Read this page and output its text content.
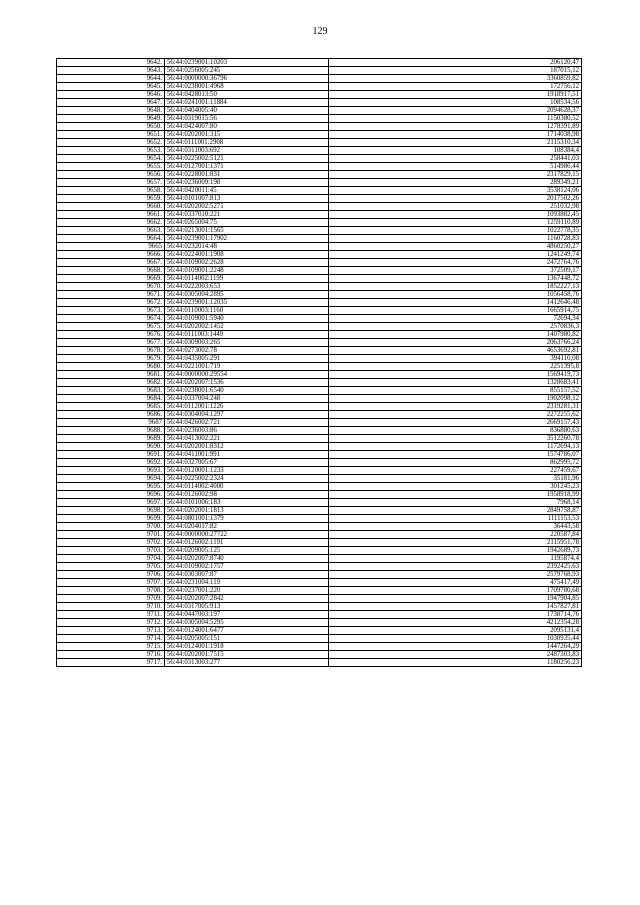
129
9642.	56:44:0239001:10203	206120,47
9643.	56:44:0256005:245	187015,12
9644.	56:44:0000000:36796	3360859,82
9645.	56:44:0238001:4968	172756,12
9646.	56:44:0428013:50	1918917,51
9647.	56:44:0241001:11884	108534,56
9648.	56:44:0404005:40	2094628,37
9649.	56:44:0319015:56	1150380,52
9650.	56:44:0424007:80	1278391,89
9651.	56:44:0202001:315	1714038,98
9652.	56:44:0111001:2908	2115310,34
9653.	56:44:0311003:692	108384,4
9654.	56:44:0225002:5121	258441,03
9655.	56:44:0127001:1371	514986,44
9656.	56:44:0228001:831	2317829,15
9657.	56:44:0236009:198	289349,21
9658.	56:44:0420011:45	3538124,06
9659.	56:44:0101007:813	2017502,26
9660.	56:44:0202002:5271	251032,98
9661.	56:44:0337010:221	1093882,45
9662.	56:44:0265004:75	1259110,89
9663.	56:44:0213001:1565	1022778,35
9664.	56:44:0239001:17902	1160728,83
9665	56:44:0232014:48	4860250,27
9666.	56:44:0224001:1908	1241249,74
9667.	56:44:0109002:2628	2472764,76
9668.	56:44:0109001:2248	372509,17
9669.	56:44:0114002:1199	1367448,72
9670.	56:44:0222003:653	1852227,13
9671.	56:44:0305004:2895	1056458,76
9672.	56:44:0239001:12035	1412646,48
9673.	56:44:0110003:1160	1665914,75
9674.	56:44:0109001:5940	72694,34
9675.	56:44:0202002:1452	2570836,3
9676.	56:44:0111003:1449	1407980,82
9677.	56:44:0309003:265	2063766,24
9678.	56:44:0273002:78	4653692,81
9679.	56:44:0435005:291	394110,08
9680.	56:44:0221001:719	2251395,8
9681.	56:44:0000000:29554	1569419,73
9682.	56:44:0202007:1536	1328683,41
9683.	56:44:0238001:6540	855157,52
9684.	56:44:0337004:248	1902098,12
9685.	56:44:0112001:1226	2319281,31
9686.	56:44:0304004:1297	2272255,62
9687	56:44:0426002:721	2669157,43
9688.	56:44:0236003:86	836880,63
9689.	56:44:0413002:221	3512260,78
9690.	56:44:0202001:8312	1172694,13
9691.	56:44:0411001:991	1574786,07
9692.	56:44:0327005:67	862995,72
9693.	56:44:0120001:1233	227459,67
9694.	56:44:0225002:2324	35181,96
9695.	56:44:0114002:4000	301245,23
9696.	56:44:0126002:98	1958918,99
9697.	56:44:0101006:183	7968,14
9698.	56:44:0202001:1813	2849758,87
9699.	56:44:0801001:1379	1111153,53
9700.	56:44:0204017:82	36443,58
9701.	56:44:0000000:27722	220587,84
9702.	56:44:0126002:1191	2115951,78
9703.	56:44:0209005:125	1942689,73
9704.	56:44:0202007:8740	1195874,4
9705.	56:44:0109002:1757	2392425,63
9706.	56:44:0303007:87	2579768,93
9707.	56:44:0231004:119	475417,49
9708.	56:44:0237001:220	1709780,68
9709.	56:44:0202007:2842	1947904,85
9710.	56:44:0317005:913	1457827,81
9711.	56:44:0447003:197	1738714,76
9712.	56:44:0305004:5295	4212354,28
9713.	56:44:0124001:6477	2095131,4
9714.	56:44:0205005:151	1030935,44
9715.	56:44:0124001:1918	1447264,29
9716.	56:44:0202001:7515	2487303,83
9717.	56:44:0313003:277	1180256,23
